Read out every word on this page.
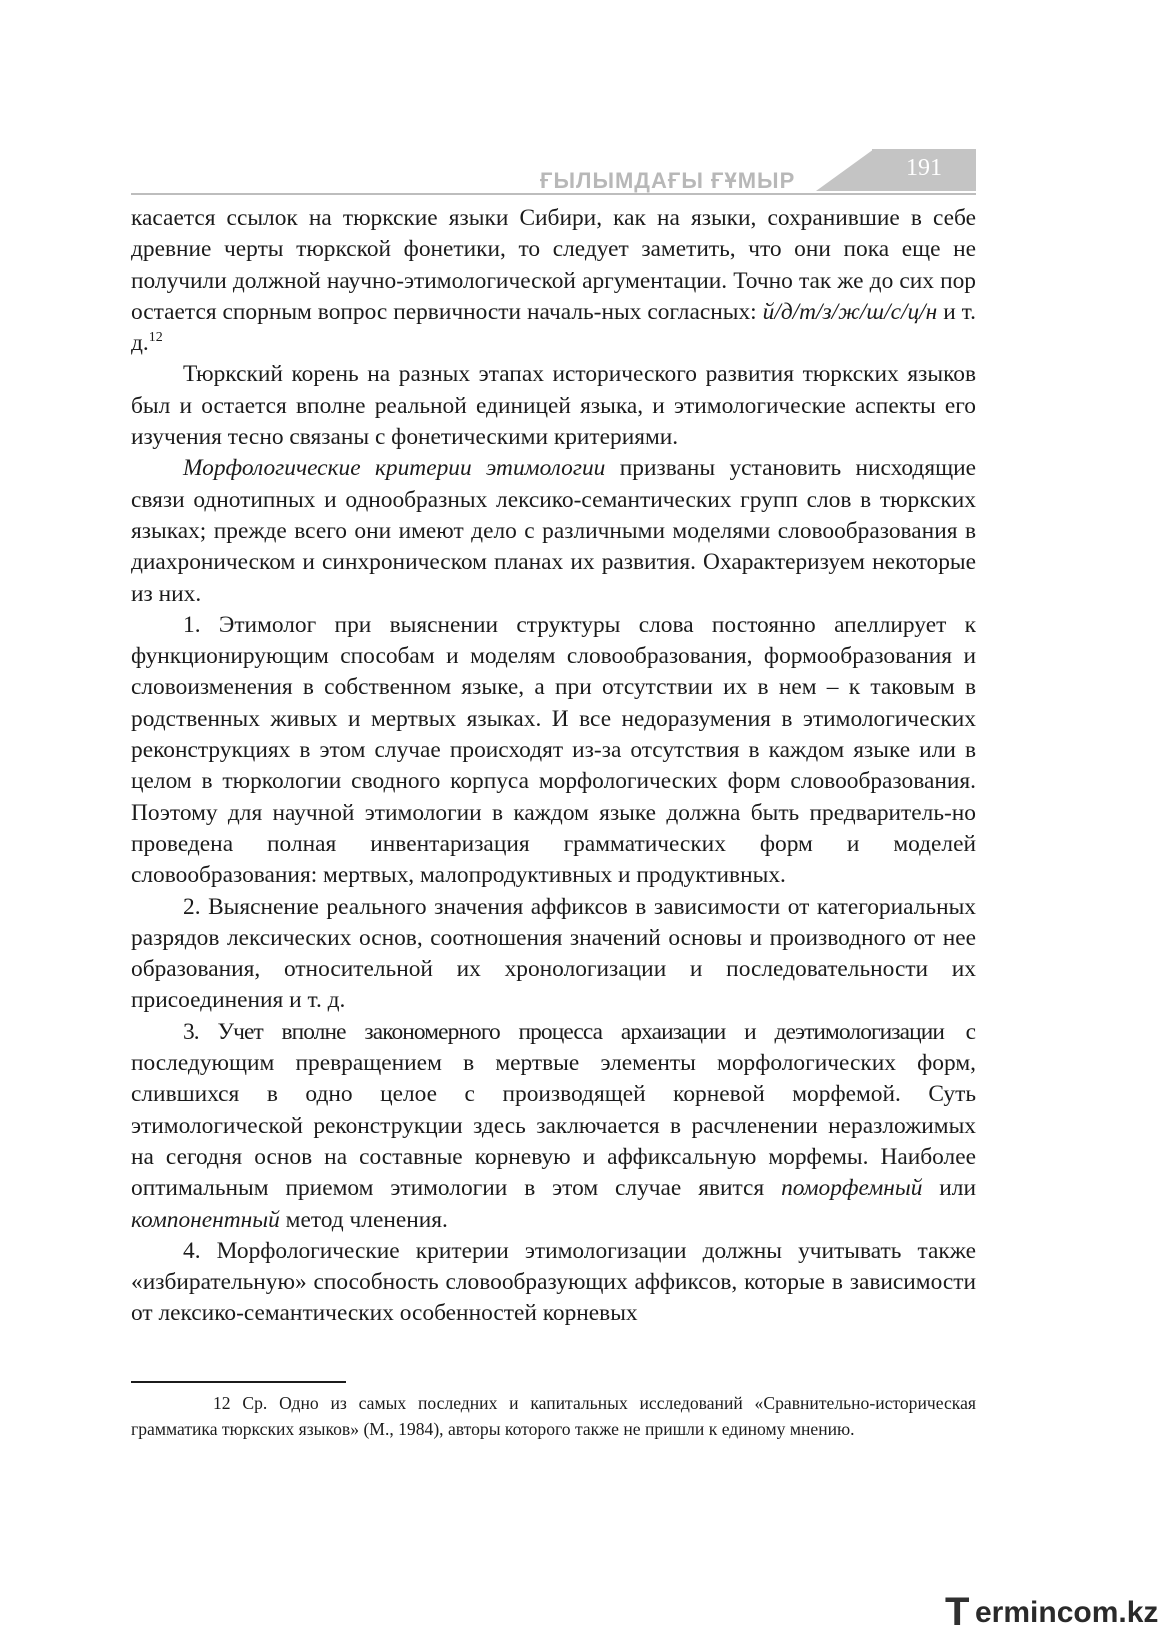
ҒЫЛЫМДАҒЫ ҒҰМЫР	191

касается ссылок на тюркские языки Сибири, как на языки, сохранившие в себе древние черты тюркской фонетики, то следует заметить, что они пока еще не получили должной научно-этимологической аргументации. Точно так же до сих пор остается спорным вопрос первичности началь-ных согласных: й/д/т/з/ж/ш/с/ц/н и т. д.$^{12}$

Тюркский корень на разных этапах исторического развития тюркских языков был и остается вполне реальной единицей языка, и этимологические аспекты его изучения тесно связаны с фонетическими критериями.

Морфологические критерии этимологии призваны установить нисходящие связи однотипных и однообразных лексико-семантических групп слов в тюркских языках; прежде всего они имеют дело с различными моделями словообразования в диахроническом и синхроническом планах их развития. Охарактеризуем некоторые из них.

1. Этимолог при выяснении структуры слова постоянно апеллирует к функционирующим способам и моделям словообразования, формообразования и словоизменения в собственном языке, а при отсутствии их в нем – к таковым в родственных живых и мертвых языках. И все недоразумения в этимологических реконструкциях в этом случае происходят из-за отсутствия в каждом языке или в целом в тюркологии сводного корпуса морфологических форм словообразования. Поэтому для научной этимологии в каждом языке должна быть предваритель-но проведена полная инвентаризация грамматических форм и моделей словообразования: мертвых, малопродуктивных и продуктивных.

2. Выяснение реального значения аффиксов в зависимости от категориальных разрядов лексических основ, соотношения значений основы и производного от нее образования, относительной их хронологизации и последовательности их присоединения и т. д.

3. Учет вполне закономерного процесса архаизации и деэтимологизации с последующим превращением в мертвые элементы морфологических форм, слившихся в одно целое с производящей корневой морфемой. Суть этимологической реконструкции здесь заключается в расчленении неразложимых на сегодня основ на составные корневую и аффиксальную морфемы. Наиболее оптимальным приемом этимологии в этом случае явится поморфемный или компонентный метод членения.

4. Морфологические критерии этимологизации должны учитывать также «избирательную» способность словообразующих аффиксов, которые в зависимости от лексико-семантических особенностей корневых

12 Ср. Одно из самых последних и капитальных исследований «Сравнительно-историческая грамматика тюркских языков» (М., 1984), авторы которого также не пришли к единому мнению.

T ermincom.kz
